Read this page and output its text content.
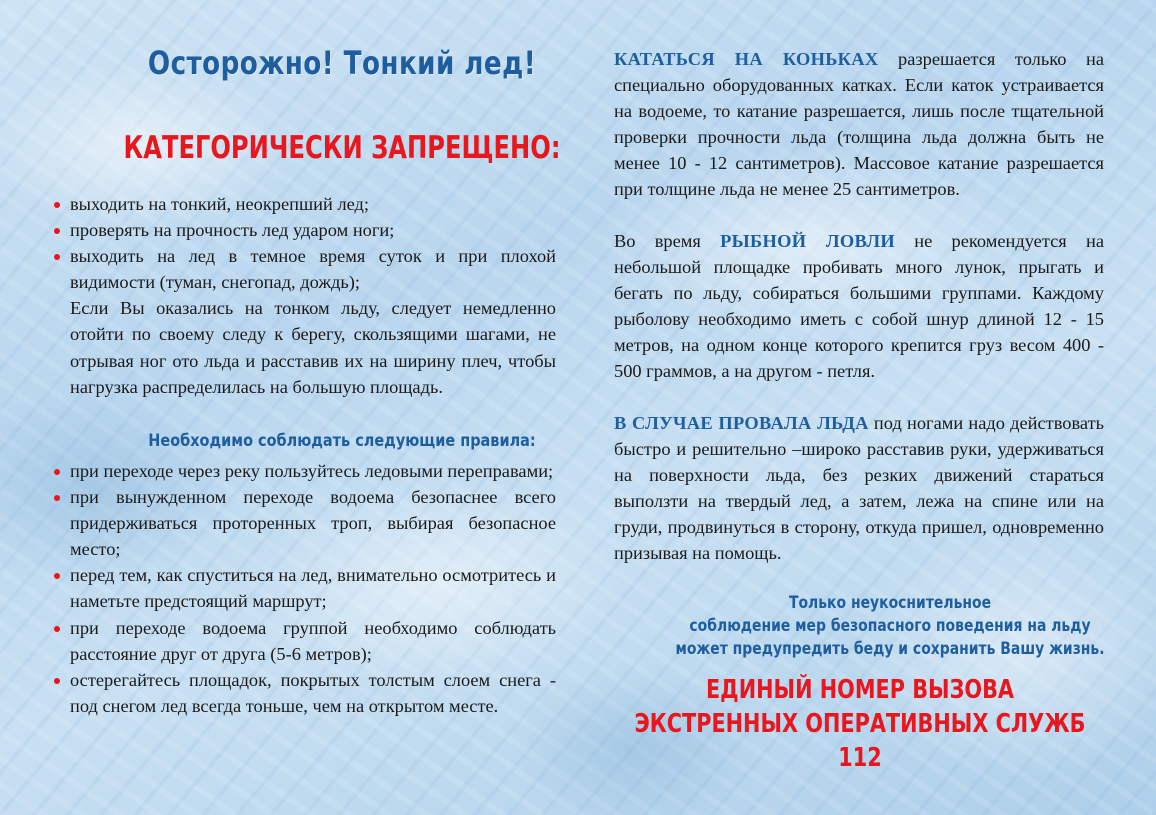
Осторожно! Тонкий лед!
КАТЕГОРИЧЕСКИ ЗАПРЕЩЕНО:
выходить на тонкий, неокрепший лед;
проверять на прочность лед ударом ноги;
выходить на лед в темное время суток и при плохой видимости (туман, снегопад, дождь);
Если Вы оказались на тонком льду, следует немедленно отойти по своему следу к берегу, скользящими шагами, не отрывая ног ото льда и расставив их на ширину плеч, чтобы нагрузка распределилась на большую площадь.
Необходимо соблюдать следующие правила:
при переходе через реку пользуйтесь ледовыми переправами;
при вынужденном переходе водоема безопаснее всего придерживаться проторенных троп, выбирая безопасное место;
перед тем, как спуститься на лед, внимательно осмотритесь и наметьте предстоящий маршрут;
при переходе водоема группой необходимо соблюдать расстояние друг от друга (5-6 метров);
остерегайтесь площадок, покрытых толстым слоем снега - под снегом лед всегда тоньше, чем на открытом месте.
КАТАТЬСЯ НА КОНЬКАХ разрешается только на специально оборудованных катках. Если каток устраивается на водоеме, то катание разрешается, лишь после тщательной проверки прочности льда (толщина льда должна быть не менее 10 - 12 сантиметров). Массовое катание разрешается при толщине льда не менее 25 сантиметров.
Во время РЫБНОЙ ЛОВЛИ не рекомендуется на небольшой площадке пробивать много лунок, прыгать и бегать по льду, собираться большими группами. Каждому рыболову необходимо иметь с собой шнур длиной 12 - 15 метров, на одном конце которого крепится груз весом 400 - 500 граммов, а на другом - петля.
В СЛУЧАЕ ПРОВАЛА ЛЬДА под ногами надо действовать быстро и решительно –широко расставив руки, удерживаться на поверхности льда, без резких движений стараться выползти на твердый лед, а затем, лежа на спине или на груди, продвинуться в сторону, откуда пришел, одновременно призывая на помощь.
Только неукоснительное
соблюдение мер безопасного поведения на льду
может предупредить беду и сохранить Вашу жизнь.
ЕДИНЫЙ НОМЕР ВЫЗОВА
ЭКСТРЕННЫХ ОПЕРАТИВНЫХ СЛУЖБ
112
